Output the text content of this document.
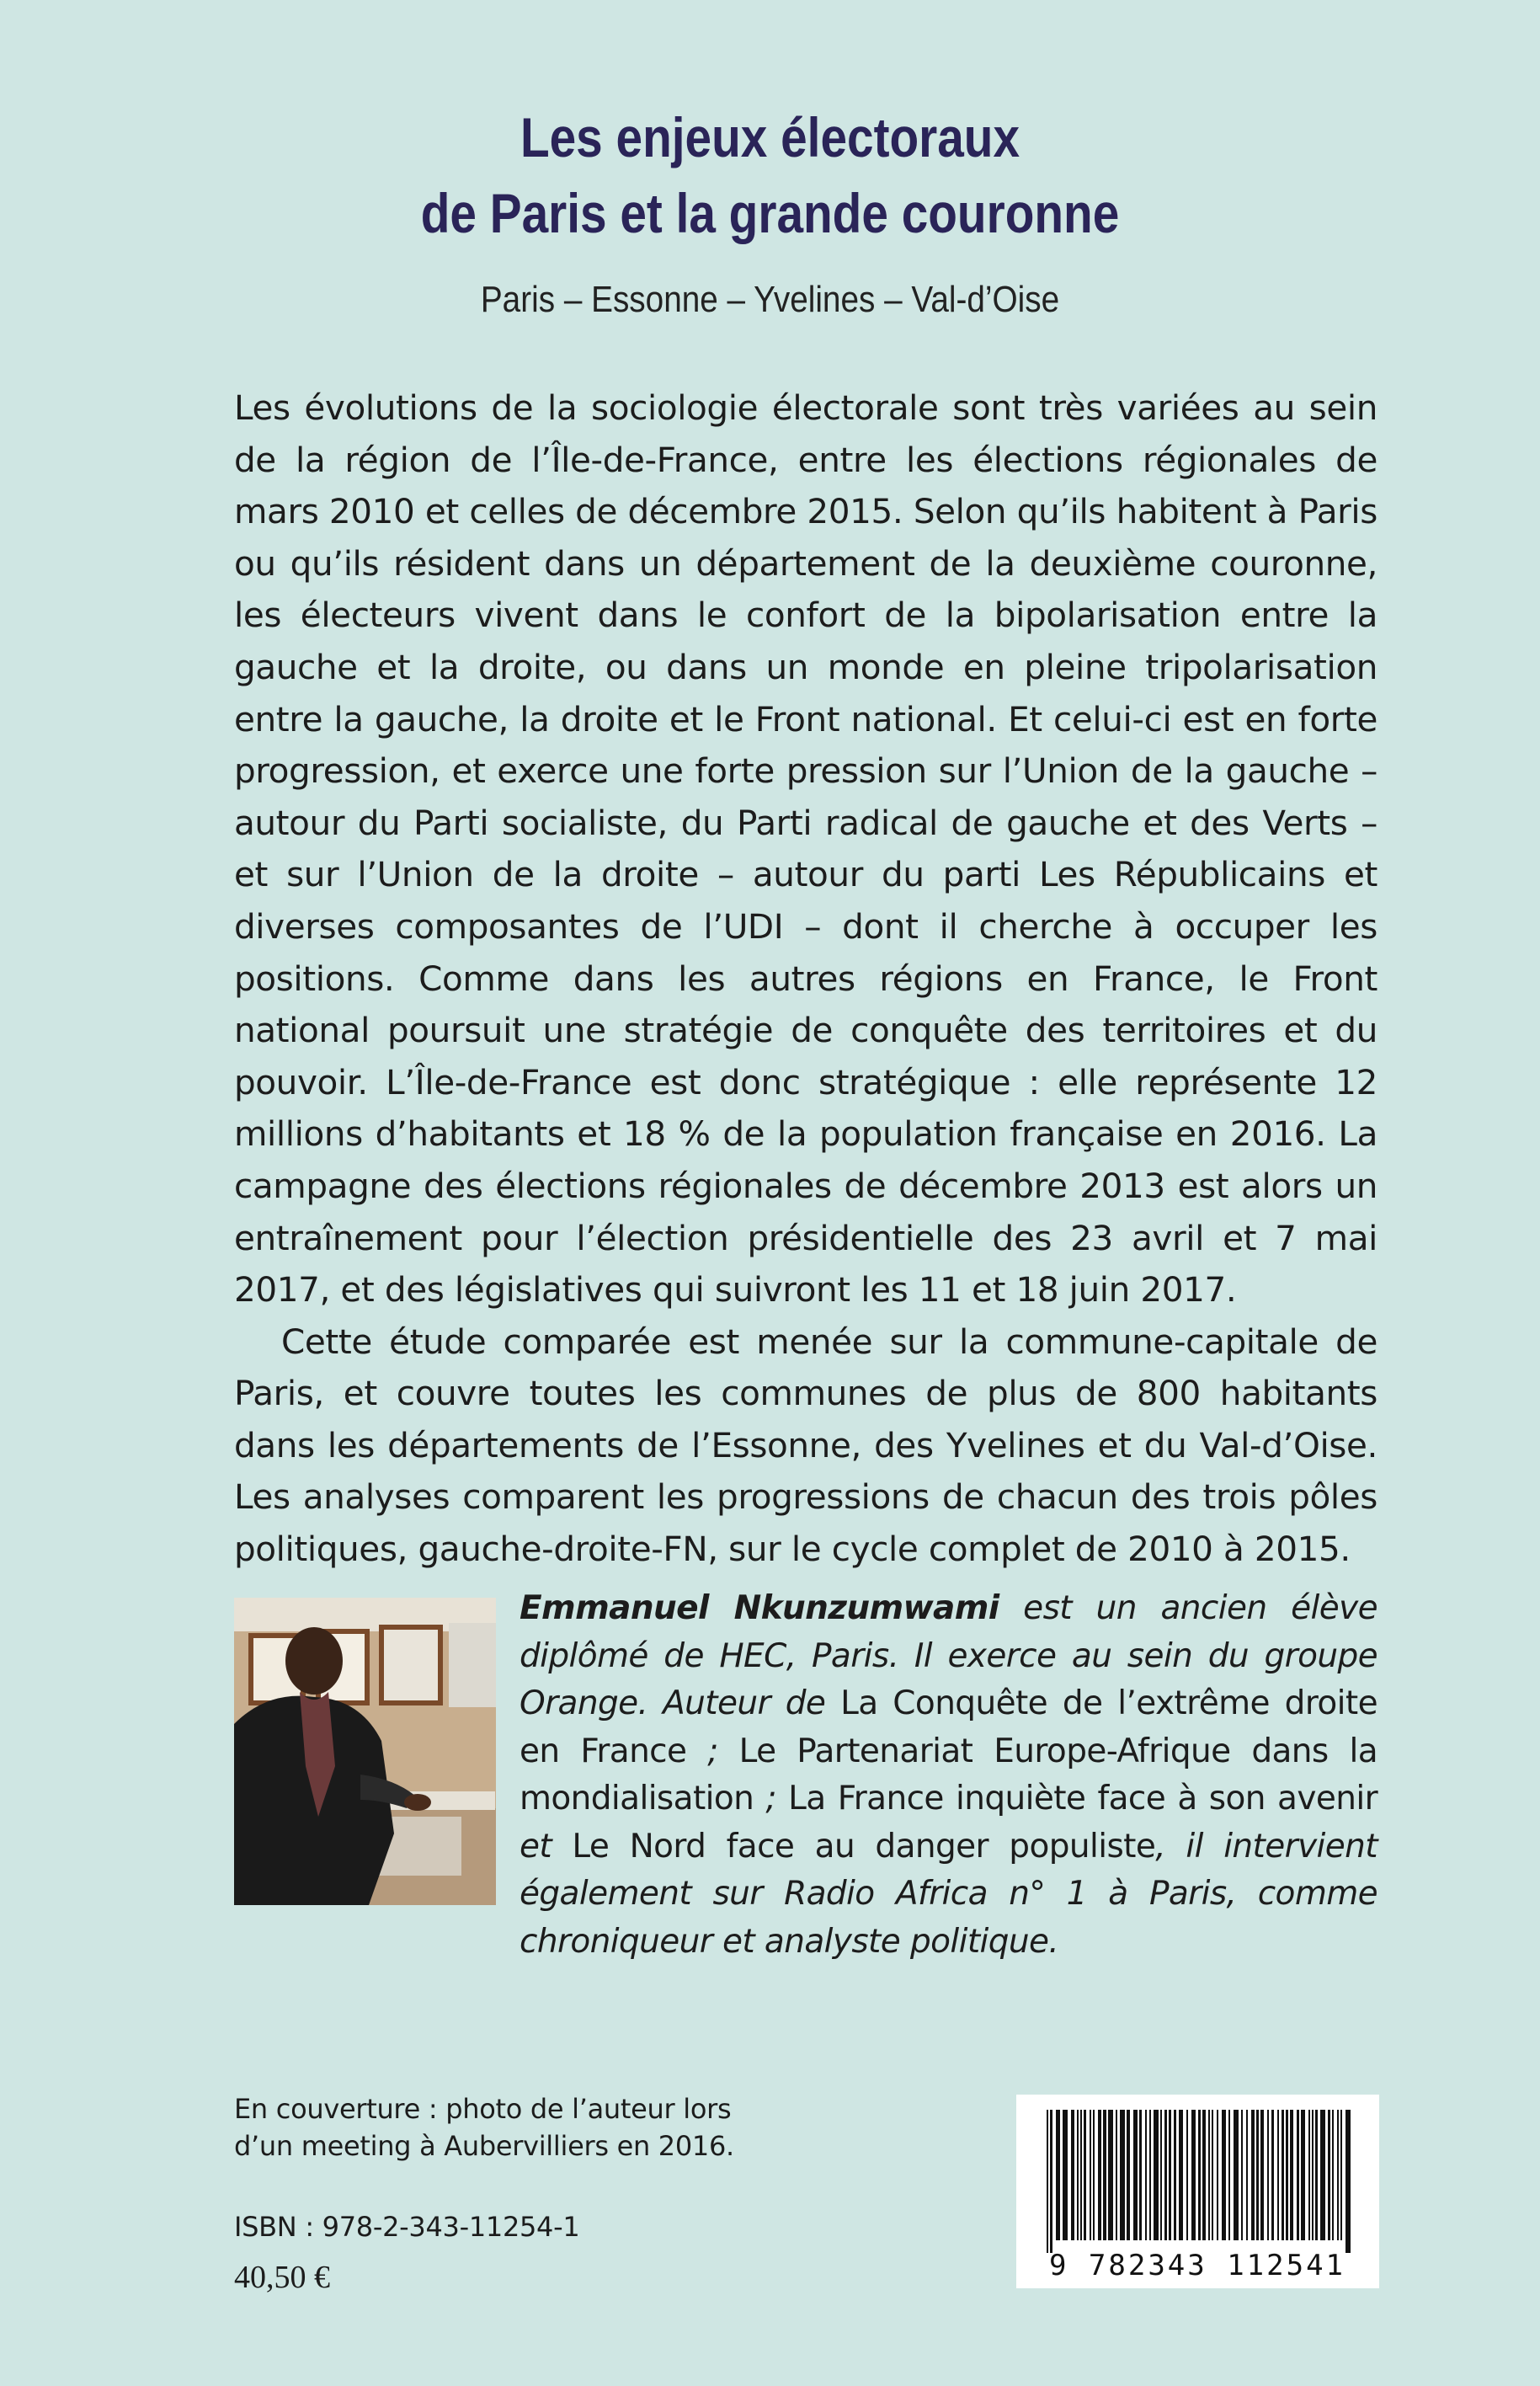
Les enjeux électoraux
de Paris et la grande couronne
Paris – Essonne – Yvelines – Val-d’Oise

Les évolutions de la sociologie électorale sont très variées au sein de la région de l’Île-de-France, entre les élections régionales de mars 2010 et celles de décembre 2015. Selon qu’ils habitent à Paris ou qu’ils résident dans un département de la deuxième couronne, les électeurs vivent dans le confort de la bipolarisation entre la gauche et la droite, ou dans un monde en pleine tripolarisation entre la gauche, la droite et le Front national. Et celui-ci est en forte progression, et exerce une forte pression sur l’Union de la gauche – autour du Parti socialiste, du Parti radical de gauche et des Verts – et sur l’Union de la droite – autour du parti Les Républicains et diverses composantes de l’UDI – dont il cherche à occuper les positions. Comme dans les autres régions en France, le Front national poursuit une stratégie de conquête des territoires et du pouvoir. L’Île-de-France est donc stratégique : elle représente 12 millions d’habitants et 18 % de la population française en 2016. La campagne des élections régionales de décembre 2013 est alors un entraînement pour l’élection présidentielle des 23 avril et 7 mai 2017, et des législatives qui suivront les 11 et 18 juin 2017.

Cette étude comparée est menée sur la commune-capitale de Paris, et couvre toutes les communes de plus de 800 habitants dans les départements de l’Essonne, des Yvelines et du Val-d’Oise. Les analyses comparent les progressions de chacun des trois pôles politiques, gauche-droite-FN, sur le cycle complet de 2010 à 2015.

Emmanuel Nkunzumwami est un ancien élève diplômé de HEC, Paris. Il exerce au sein du groupe Orange. Auteur de La Conquête de l’extrême droite en France ; Le Partenariat Europe-Afrique dans la mondialisation ; La France inquiète face à son avenir et Le Nord face au danger populiste, il intervient également sur Radio Africa n° 1 à Paris, comme chroniqueur et analyste politique.
En couverture : photo de l’auteur lors
d’un meeting à Aubervilliers en 2016.
ISBN : 978-2-343-11254-1
40,50 €	9 782343 112541
